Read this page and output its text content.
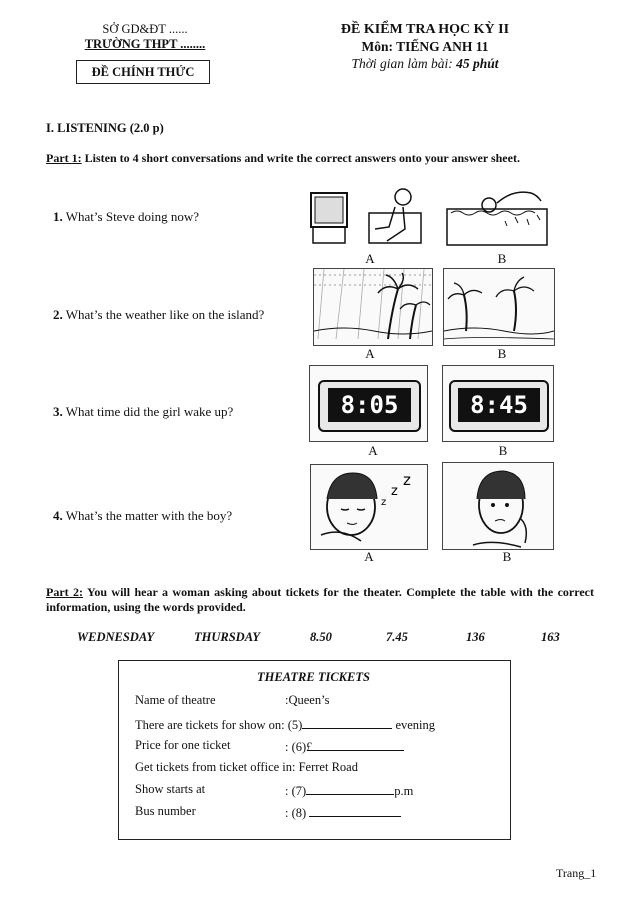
SỞ GD&ĐT ......
TRƯỜNG THPT ........
ĐỀ CHÍNH THỨC
ĐỀ KIỂM TRA HỌC KỲ II
Môn: TIẾNG ANH 11
Thời gian làm bài: 45 phút
I. LISTENING (2.0 p)
Part 1: Listen to 4 short conversations and write the correct answers onto your answer sheet.
1. What’s Steve doing now?
2. What’s the weather like on the island?
3. What time did the girl wake up?
4. What’s the matter with the boy?
A	B
A	B
8:05	8:45
A	B
z
z
z
A	B
Part 2: You will hear a woman asking about tickets for the theater. Complete the table with the correct information, using the words provided.
WEDNESDAY	THURSDAY	8.50	7.45	136	163
THEATRE TICKETS
Name of theatre	:Queen’s
There are tickets for show on: (5)	evening
Price for one ticket	: (6)£
Get tickets from ticket office in: Ferret Road
Show starts at	: (7)	p.m
Bus number	: (8)
Trang_1
